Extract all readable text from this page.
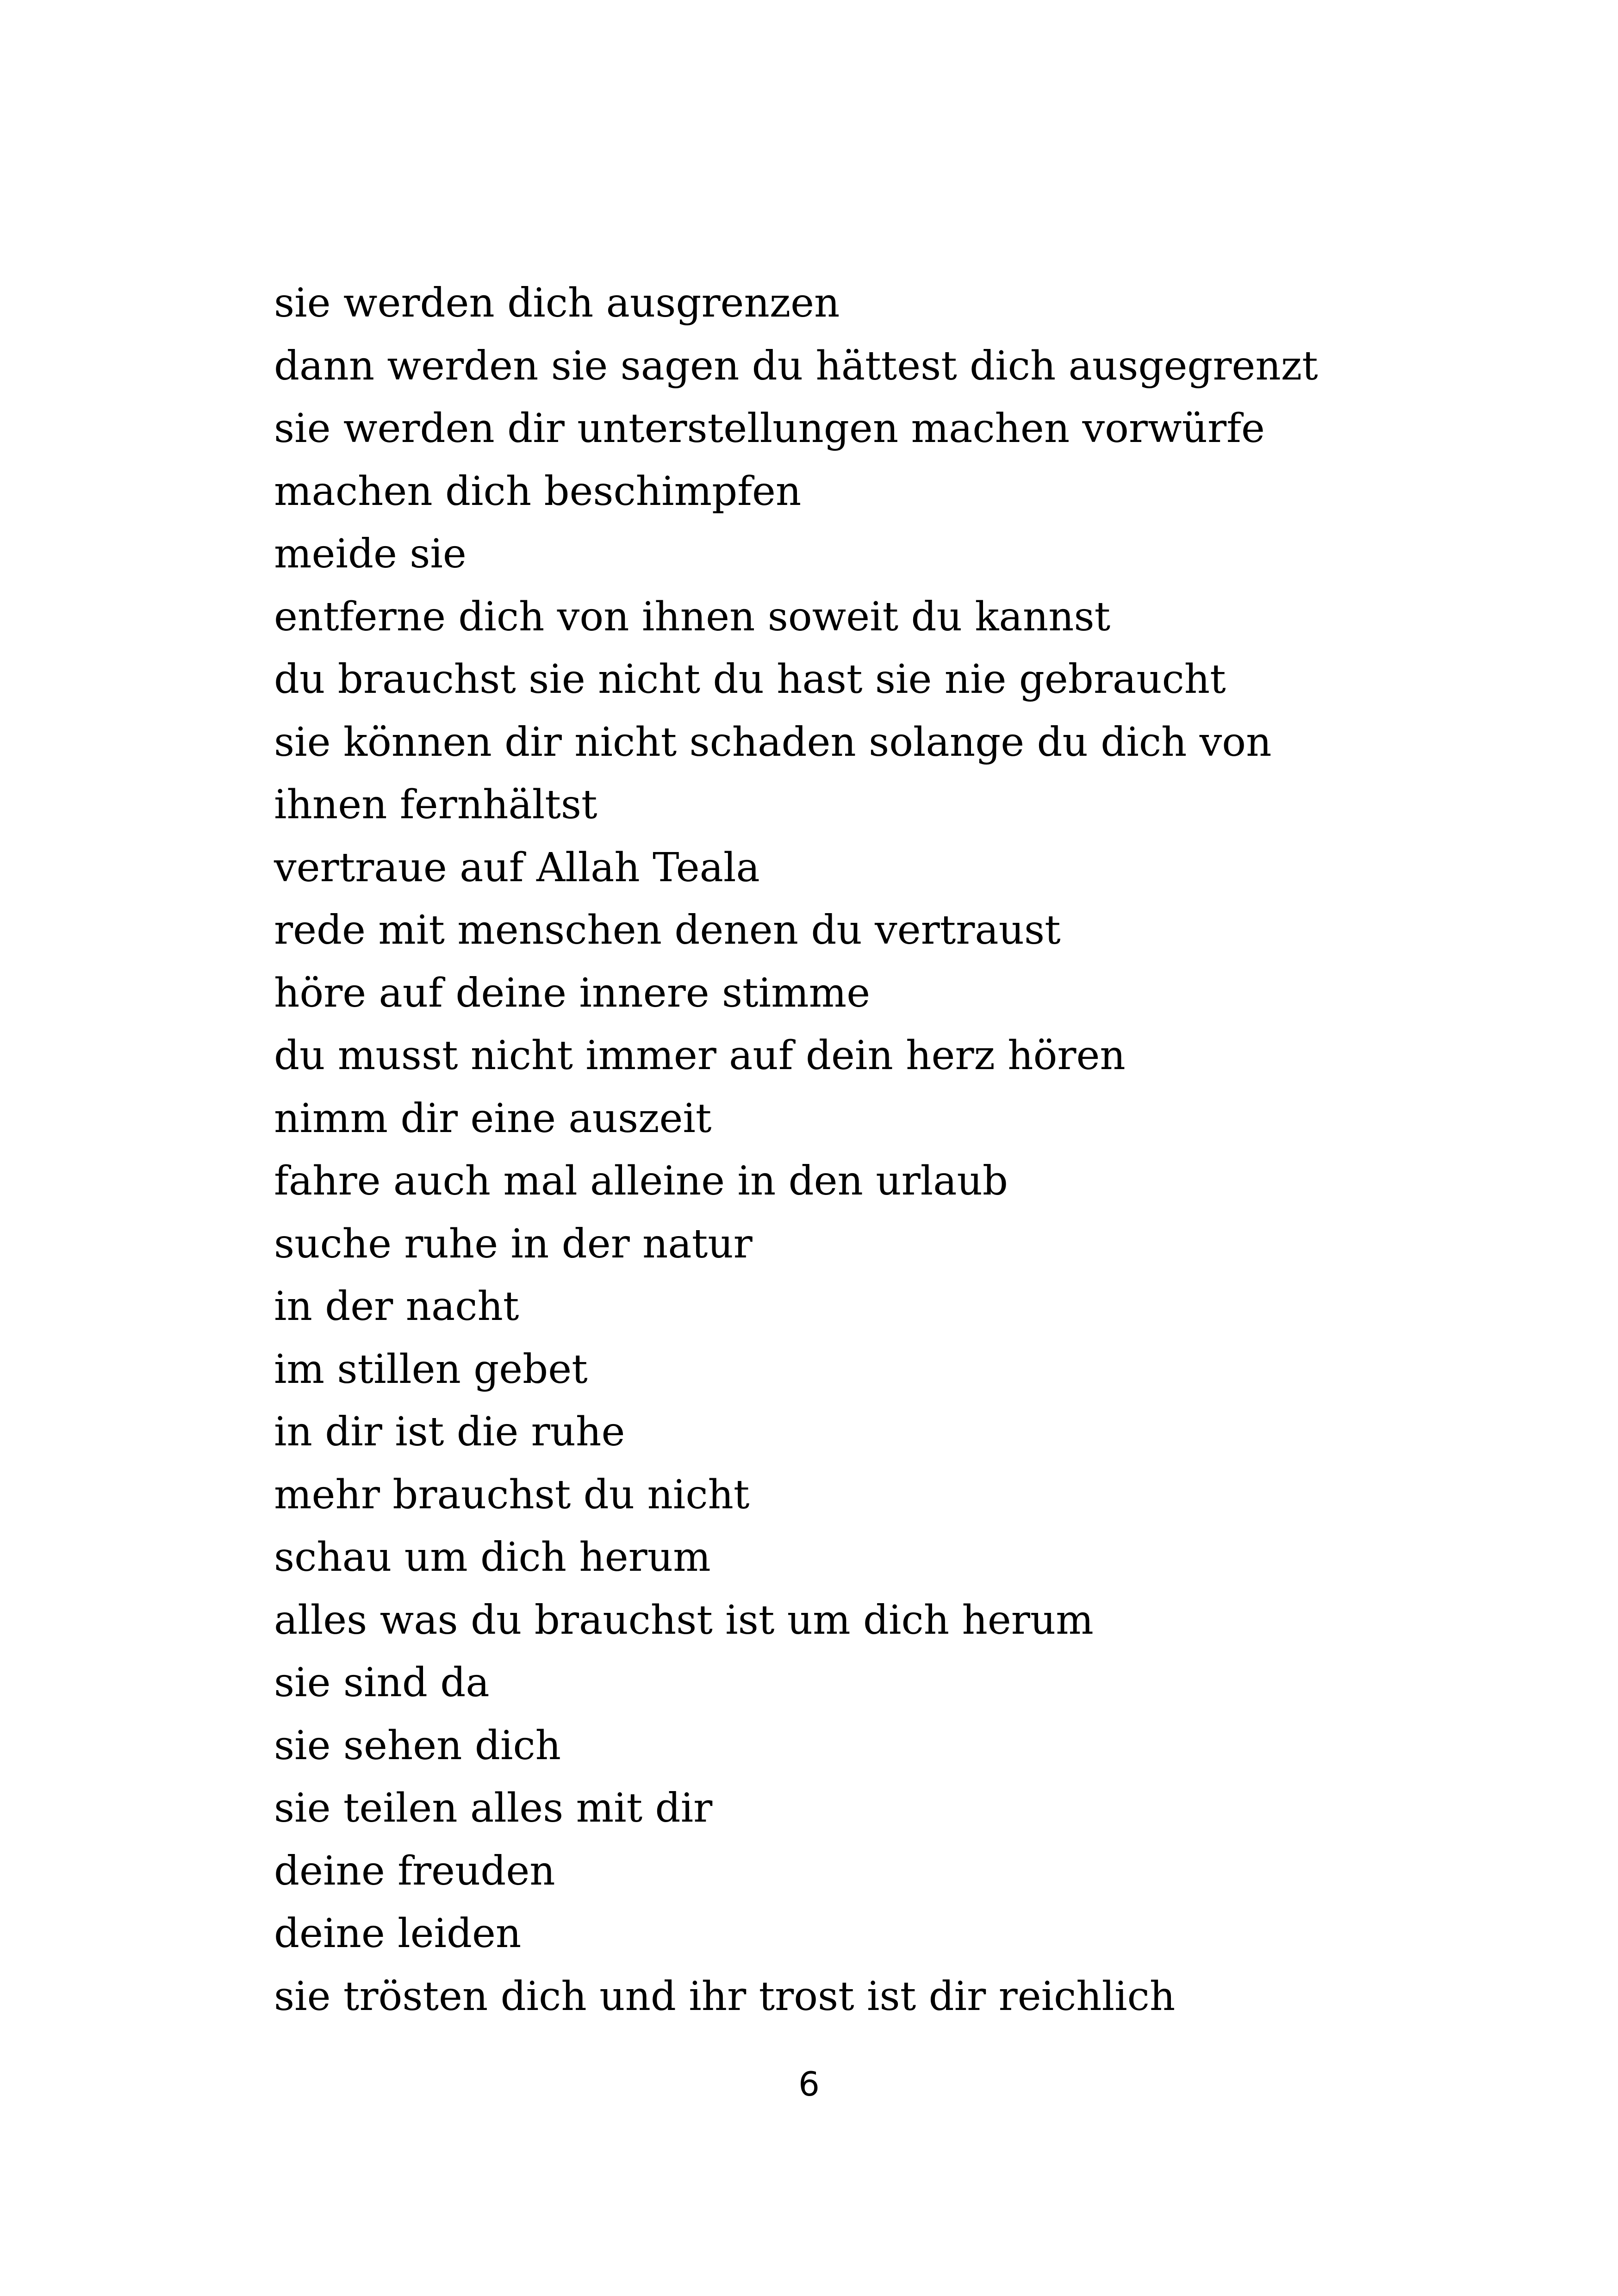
sie werden dich ausgrenzen
dann werden sie sagen du hättest dich ausgegrenzt
sie werden dir unterstellungen machen vorwürfe
machen dich beschimpfen
meide sie
entferne dich von ihnen soweit du kannst
du brauchst sie nicht du hast sie nie gebraucht
sie können dir nicht schaden solange du dich von
ihnen fernhältst
vertraue auf Allah Teala
rede mit menschen denen du vertraust
höre auf deine innere stimme
du musst nicht immer auf dein herz hören
nimm dir eine auszeit
fahre auch mal alleine in den urlaub
suche ruhe in der natur
in der nacht
im stillen gebet
in dir ist die ruhe
mehr brauchst du nicht
schau um dich herum
alles was du brauchst ist um dich herum
sie sind da
sie sehen dich
sie teilen alles mit dir
deine freuden
deine leiden
sie trösten dich und ihr trost ist dir reichlich
6
